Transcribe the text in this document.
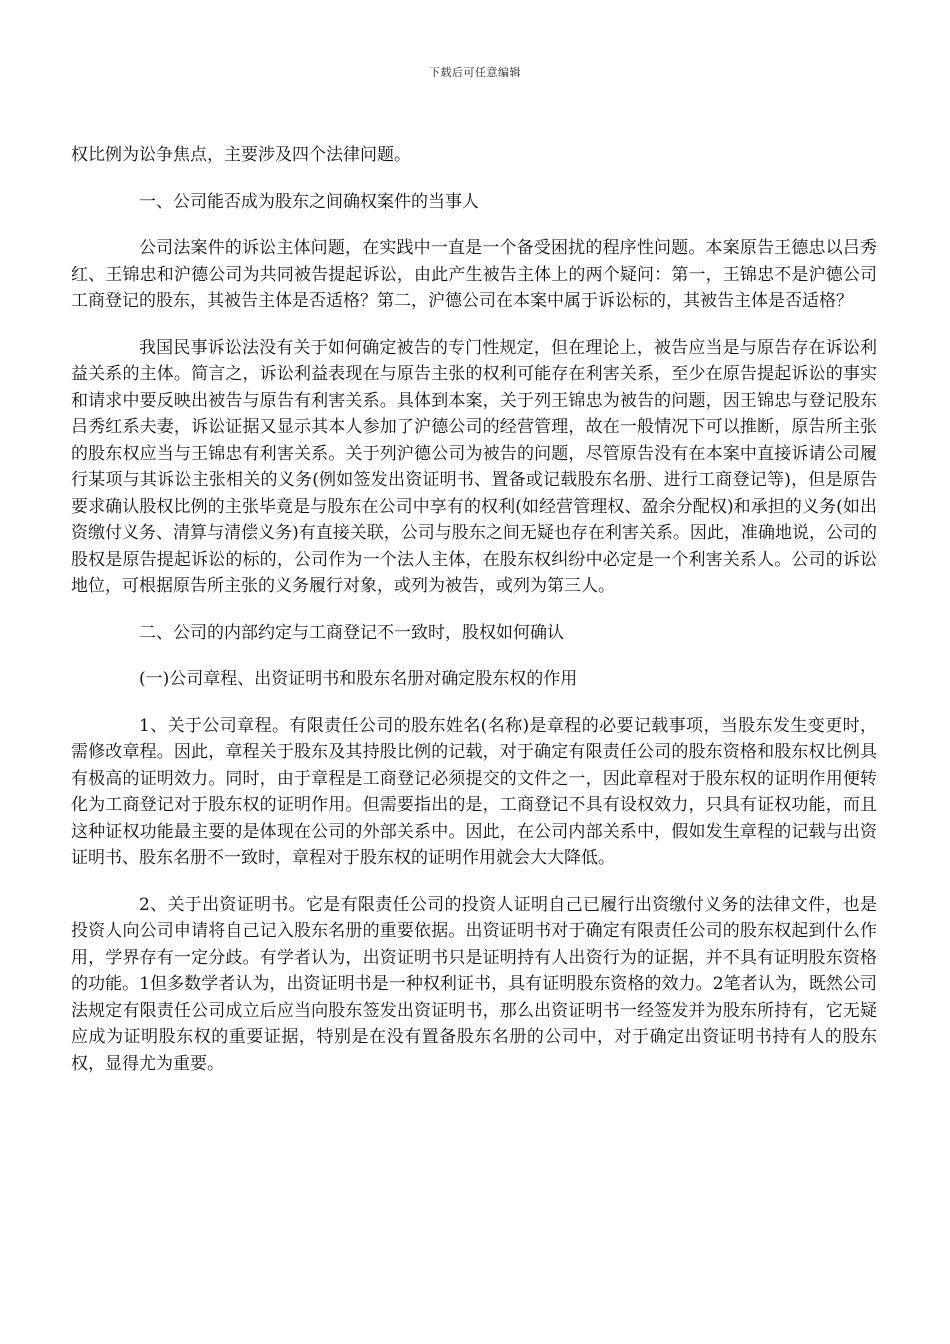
下载后可任意编辑

权比例为讼争焦点，主要涉及四个法律问题。

一、公司能否成为股东之间确权案件的当事人

公司法案件的诉讼主体问题，在实践中一直是一个备受困扰的程序性问题。本案原告王德忠以吕秀红、王锦忠和沪德公司为共同被告提起诉讼，由此产生被告主体上的两个疑问：第一，王锦忠不是沪德公司工商登记的股东，其被告主体是否适格？第二，沪德公司在本案中属于诉讼标的，其被告主体是否适格？

我国民事诉讼法没有关于如何确定被告的专门性规定，但在理论上，被告应当是与原告存在诉讼利益关系的主体。简言之，诉讼利益表现在与原告主张的权利可能存在利害关系，至少在原告提起诉讼的事实和请求中要反映出被告与原告有利害关系。具体到本案，关于列王锦忠为被告的问题，因王锦忠与登记股东吕秀红系夫妻，诉讼证据又显示其本人参加了沪德公司的经营管理，故在一般情况下可以推断，原告所主张的股东权应当与王锦忠有利害关系。关于列沪德公司为被告的问题，尽管原告没有在本案中直接诉请公司履行某项与其诉讼主张相关的义务(例如签发出资证明书、置备或记载股东名册、进行工商登记等)，但是原告要求确认股权比例的主张毕竟是与股东在公司中享有的权利(如经营管理权、盈余分配权)和承担的义务(如出资缴付义务、清算与清偿义务)有直接关联，公司与股东之间无疑也存在利害关系。因此，准确地说，公司的股权是原告提起诉讼的标的，公司作为一个法人主体，在股东权纠纷中必定是一个利害关系人。公司的诉讼地位，可根据原告所主张的义务履行对象，或列为被告，或列为第三人。

二、公司的内部约定与工商登记不一致时，股权如何确认

(一)公司章程、出资证明书和股东名册对确定股东权的作用

1、关于公司章程。有限责任公司的股东姓名(名称)是章程的必要记载事项，当股东发生变更时，需修改章程。因此，章程关于股东及其持股比例的记载，对于确定有限责任公司的股东资格和股东权比例具有极高的证明效力。同时，由于章程是工商登记必须提交的文件之一，因此章程对于股东权的证明作用便转化为工商登记对于股东权的证明作用。但需要指出的是，工商登记不具有设权效力，只具有证权功能，而且这种证权功能最主要的是体现在公司的外部关系中。因此，在公司内部关系中，假如发生章程的记载与出资证明书、股东名册不一致时，章程对于股东权的证明作用就会大大降低。

2、关于出资证明书。它是有限责任公司的投资人证明自己已履行出资缴付义务的法律文件，也是投资人向公司申请将自己记入股东名册的重要依据。出资证明书对于确定有限责任公司的股东权起到什么作用，学界存有一定分歧。有学者认为，出资证明书只是证明持有人出资行为的证据，并不具有证明股东资格的功能。1但多数学者认为，出资证明书是一种权利证书，具有证明股东资格的效力。2笔者认为，既然公司法规定有限责任公司成立后应当向股东签发出资证明书，那么出资证明书一经签发并为股东所持有，它无疑应成为证明股东权的重要证据，特别是在没有置备股东名册的公司中，对于确定出资证明书持有人的股东权，显得尤为重要。
